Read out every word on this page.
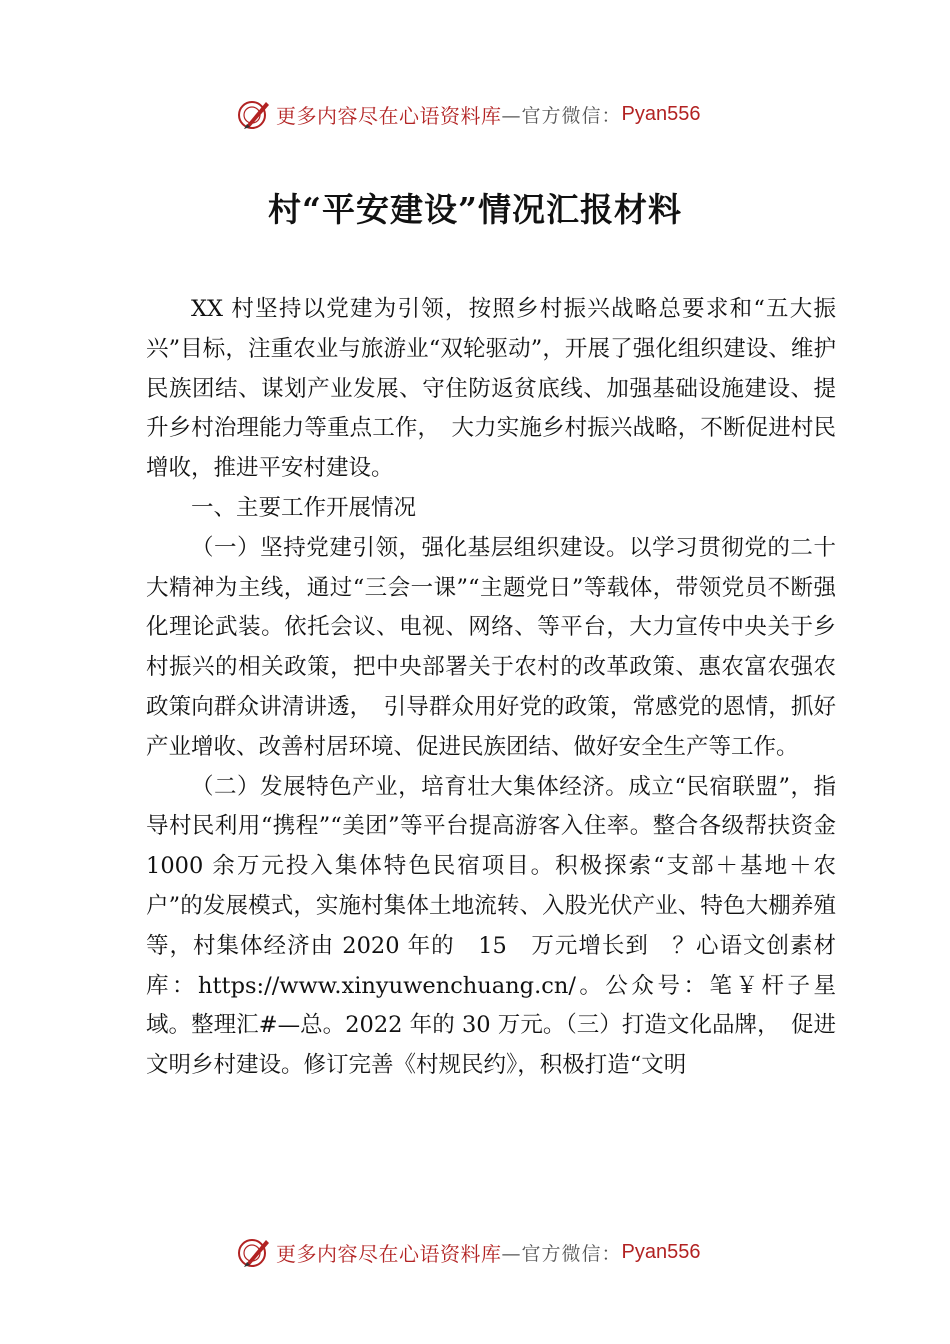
更多内容尽在心语资料库 —官方微信： Pyan556
村“平安建设”情况汇报材料

XX 村坚持以党建为引领，按照乡村振兴战略总要求和“五大振兴”目标，注重农业与旅游业“双轮驱动”，开展了强化组织建设、维护民族团结、谋划产业发展、守住防返贫底线、加强基础设施建设、提升乡村治理能力等重点工作，　大力实施乡村振兴战略，不断促进村民增收，推进平安村建设。

一、主要工作开展情况

（一）坚持党建引领，强化基层组织建设。以学习贯彻党的二十大精神为主线，通过“三会一课”“主题党日”等载体，带领党员不断强化理论武装。依托会议、电视、网络、等平台，大力宣传中央关于乡村振兴的相关政策，把中央部署关于农村的改革政策、惠农富农强农政策向群众讲清讲透，　引导群众用好党的政策，常感党的恩情，抓好产业增收、改善村居环境、促进民族团结、做好安全生产等工作。

（二）发展特色产业，培育壮大集体经济。成立“民宿联盟”，指导村民利用“携程”“美团”等平台提高游客入住率。整合各级帮扶资金 1000 余万元投入集体特色民宿项目。积极探索“支部＋基地＋农户”的发展模式，实施村集体土地流转、入股光伏产业、特色大棚养殖等，村集体经济由 2020 年的　15　万元增长到　？心语文创素材库：https://www.xinyuwenchuang.cn/。公众号：笔￥杆子星域。整理汇#—总。2022 年的 30 万元。（三）打造文化品牌，　促进文明乡村建设。修订完善《村规民约》，积极打造“文明

更多内容尽在心语资料库 —官方微信： Pyan556
